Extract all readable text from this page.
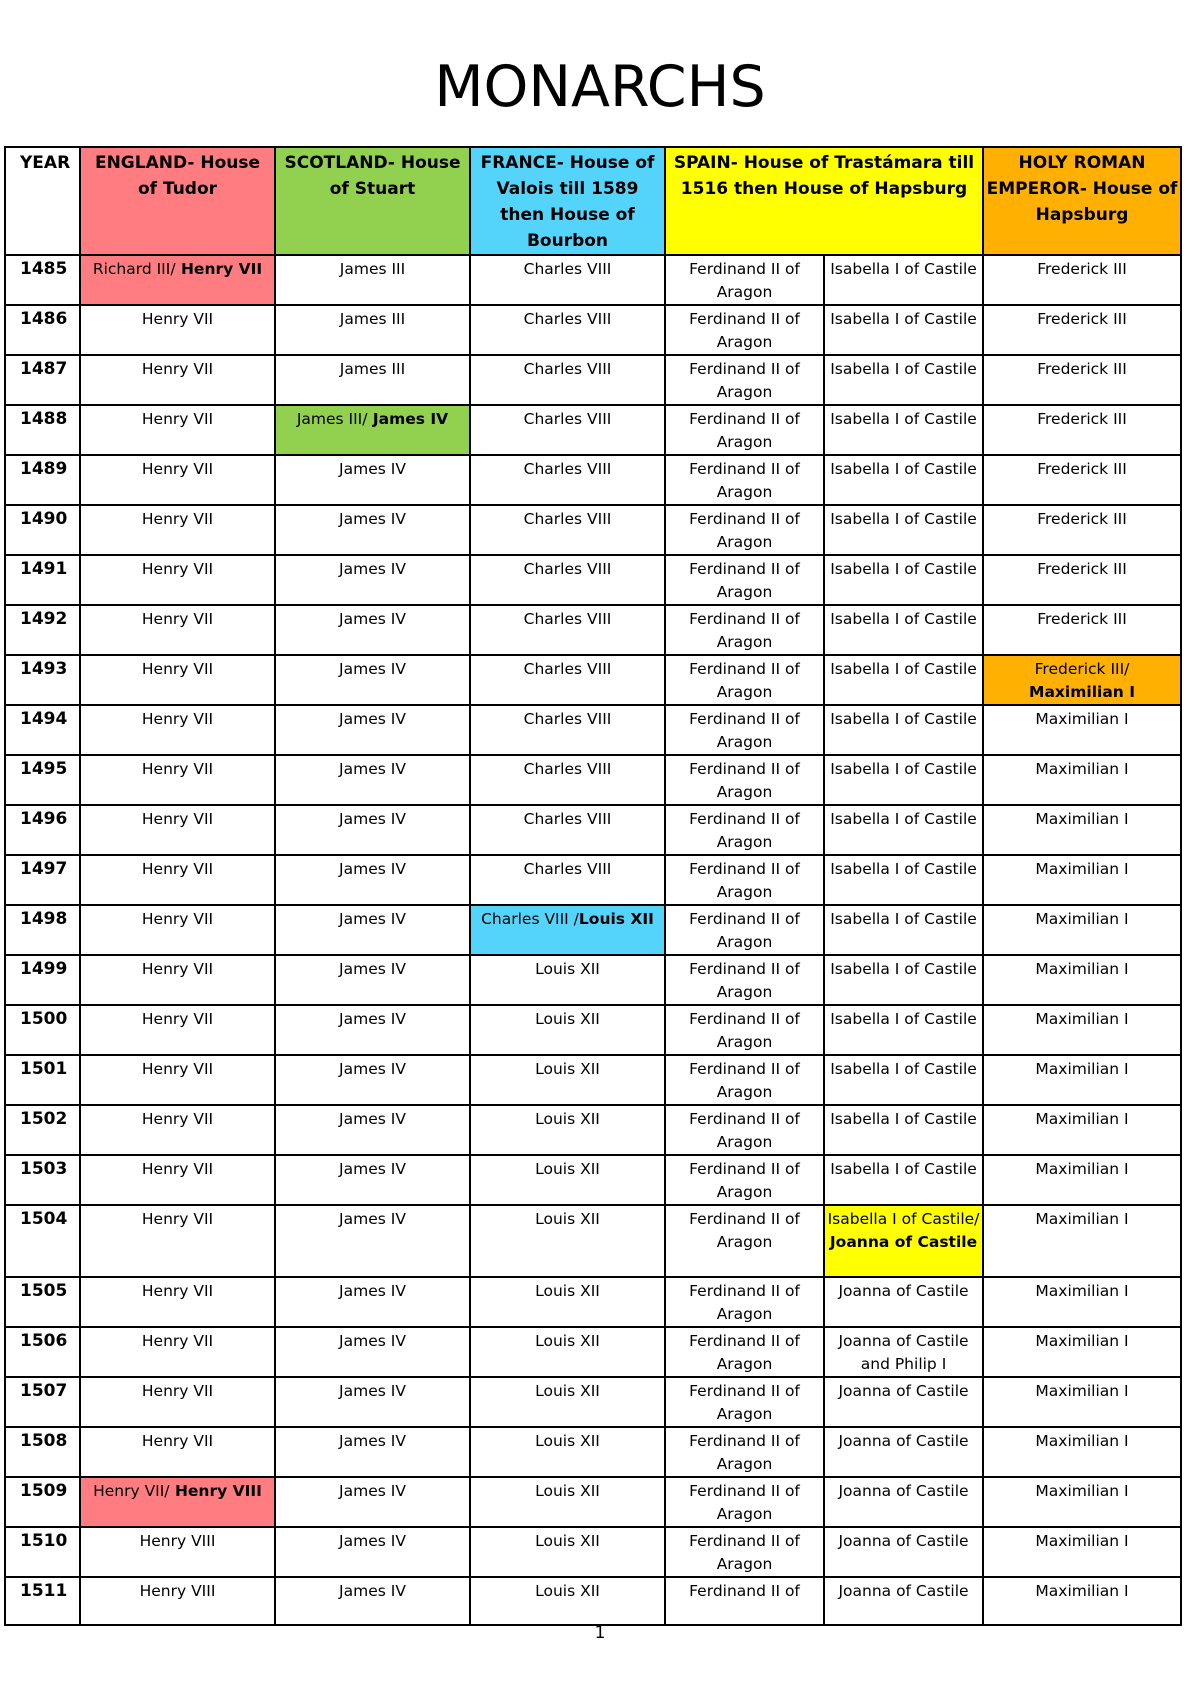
MONARCHS
YEAR	ENGLAND- House of Tudor	SCOTLAND- House of Stuart	FRANCE- House of Valois till 1589 then House of Bourbon	SPAIN- House of Trastámara till 1516 then House of Hapsburg		HOLY ROMAN EMPEROR- House of Hapsburg
1485	Richard III/ Henry VII	James III	Charles VIII	Ferdinand II of Aragon	Isabella I of Castile	Frederick III
1486	Henry VII	James III	Charles VIII	Ferdinand II of Aragon	Isabella I of Castile	Frederick III
1487	Henry VII	James III	Charles VIII	Ferdinand II of Aragon	Isabella I of Castile	Frederick III
1488	Henry VII	James III/ James IV	Charles VIII	Ferdinand II of Aragon	Isabella I of Castile	Frederick III
1489	Henry VII	James IV	Charles VIII	Ferdinand II of Aragon	Isabella I of Castile	Frederick III
1490	Henry VII	James IV	Charles VIII	Ferdinand II of Aragon	Isabella I of Castile	Frederick III
1491	Henry VII	James IV	Charles VIII	Ferdinand II of Aragon	Isabella I of Castile	Frederick III
1492	Henry VII	James IV	Charles VIII	Ferdinand II of Aragon	Isabella I of Castile	Frederick III
1493	Henry VII	James IV	Charles VIII	Ferdinand II of Aragon	Isabella I of Castile	Frederick III/ Maximilian I
1494	Henry VII	James IV	Charles VIII	Ferdinand II of Aragon	Isabella I of Castile	Maximilian I
1495	Henry VII	James IV	Charles VIII	Ferdinand II of Aragon	Isabella I of Castile	Maximilian I
1496	Henry VII	James IV	Charles VIII	Ferdinand II of Aragon	Isabella I of Castile	Maximilian I
1497	Henry VII	James IV	Charles VIII	Ferdinand II of Aragon	Isabella I of Castile	Maximilian I
1498	Henry VII	James IV	Charles VIII /Louis XII	Ferdinand II of Aragon	Isabella I of Castile	Maximilian I
1499	Henry VII	James IV	Louis XII	Ferdinand II of Aragon	Isabella I of Castile	Maximilian I
1500	Henry VII	James IV	Louis XII	Ferdinand II of Aragon	Isabella I of Castile	Maximilian I
1501	Henry VII	James IV	Louis XII	Ferdinand II of Aragon	Isabella I of Castile	Maximilian I
1502	Henry VII	James IV	Louis XII	Ferdinand II of Aragon	Isabella I of Castile	Maximilian I
1503	Henry VII	James IV	Louis XII	Ferdinand II of Aragon	Isabella I of Castile	Maximilian I
1504	Henry VII	James IV	Louis XII	Ferdinand II of Aragon	Isabella I of Castile/ Joanna of Castile	Maximilian I
1505	Henry VII	James IV	Louis XII	Ferdinand II of Aragon	Joanna of Castile	Maximilian I
1506	Henry VII	James IV	Louis XII	Ferdinand II of Aragon	Joanna of Castile and Philip I	Maximilian I
1507	Henry VII	James IV	Louis XII	Ferdinand II of Aragon	Joanna of Castile	Maximilian I
1508	Henry VII	James IV	Louis XII	Ferdinand II of Aragon	Joanna of Castile	Maximilian I
1509	Henry VII/ Henry VIII	James IV	Louis XII	Ferdinand II of Aragon	Joanna of Castile	Maximilian I
1510	Henry VIII	James IV	Louis XII	Ferdinand II of Aragon	Joanna of Castile	Maximilian I
1511	Henry VIII	James IV	Louis XII	Ferdinand II of	Joanna of Castile	Maximilian I
1
